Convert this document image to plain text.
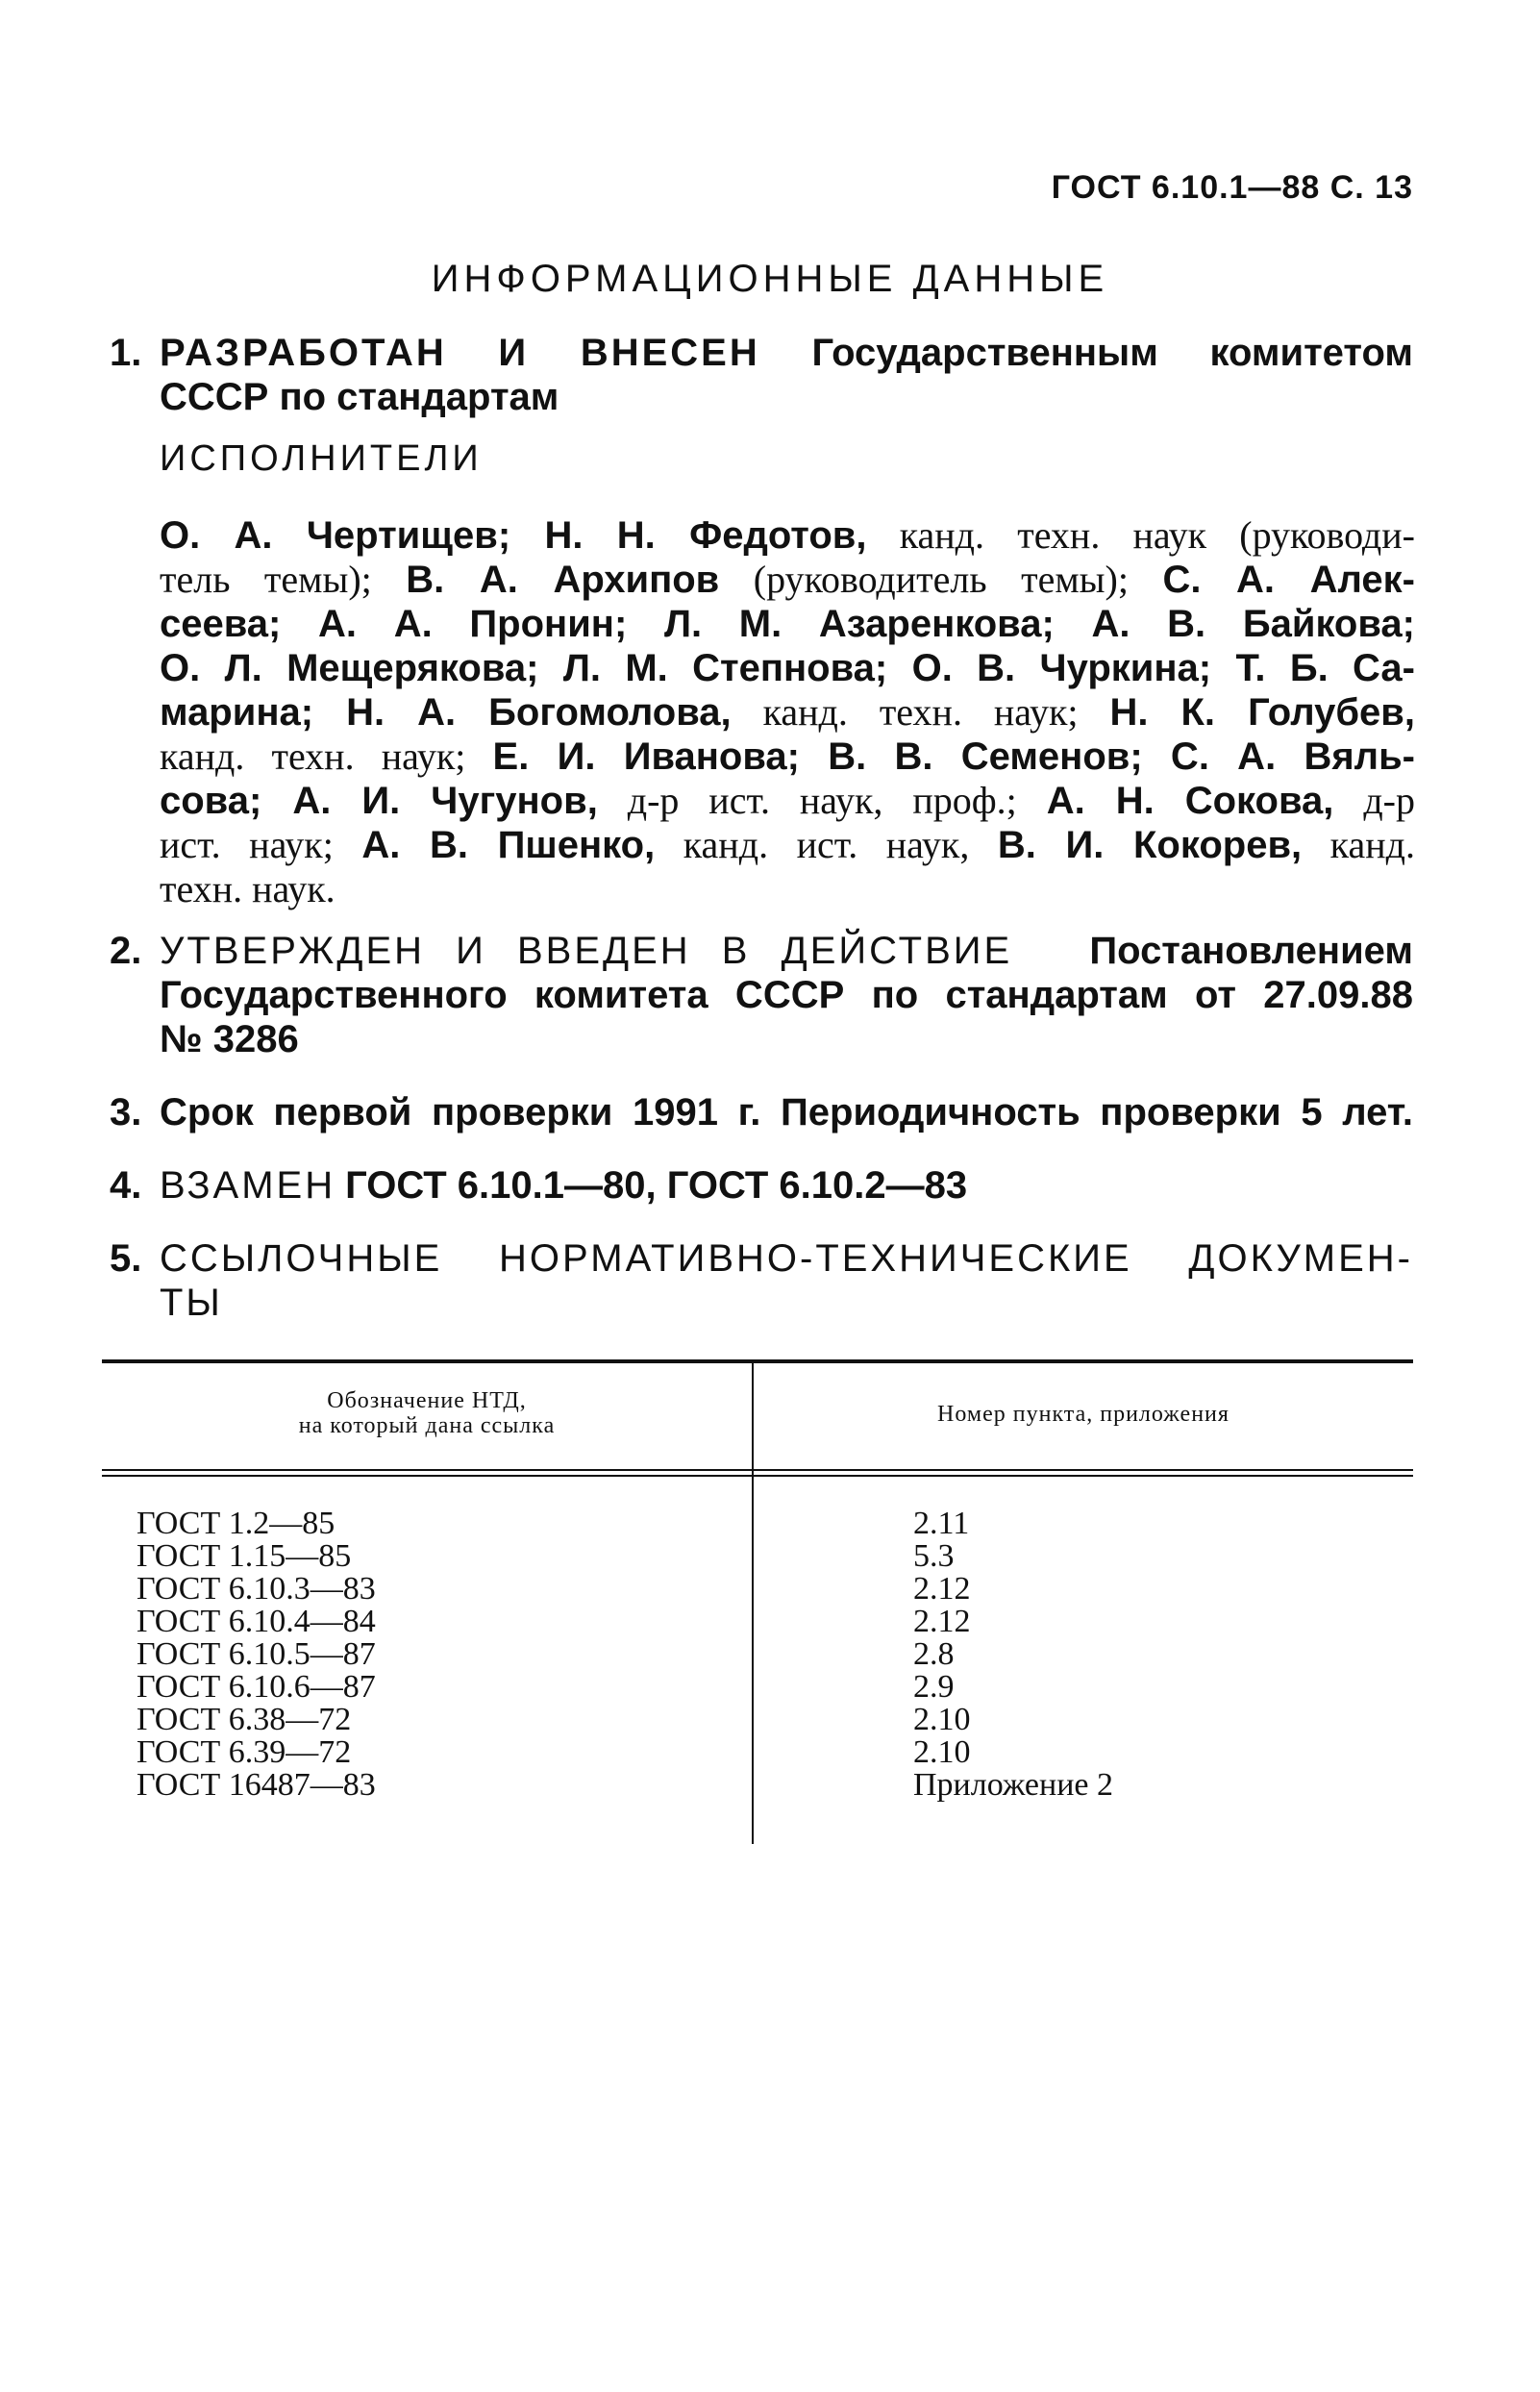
ГОСТ 6.10.1—88 С. 13
ИНФОРМАЦИОННЫЕ ДАННЫЕ
1. РАЗРАБОТАН И ВНЕСЕН Государственным комитетом
СССР по стандартам
ИСПОЛНИТЕЛИ
О. А. Чертищев; Н. Н. Федотов, канд. техн. наук (руководи-
тель темы); В. А. Архипов (руководитель темы); С. А. Алек-
сеева; А. А. Пронин; Л. М. Азаренкова; А. В. Байкова;
О. Л. Мещерякова; Л. М. Степнова; О. В. Чуркина; Т. Б. Са-
марина; Н. А. Богомолова, канд. техн. наук; Н. К. Голубев,
канд. техн. наук; Е. И. Иванова; В. В. Семенов; С. А. Вяль-
сова; А. И. Чугунов, д-р ист. наук, проф.; А. Н. Сокова, д-р
ист. наук; А. В. Пшенко, канд. ист. наук, В. И. Кокорев, канд.
техн. наук.
2. УТВЕРЖДЕН И ВВЕДЕН В ДЕЙСТВИЕ Постановлением
Государственного комитета СССР по стандартам от 27.09.88
№ 3286
3. Срок первой проверки 1991 г. Периодичность проверки 5 лет.
4. ВЗАМЕН ГОСТ 6.10.1—80, ГОСТ 6.10.2—83
5. ССЫЛОЧНЫЕ НОРМАТИВНО-ТЕХНИЧЕСКИЕ ДОКУМЕН-
ТЫ
Обозначение НТД,
на который дана ссылка	Номер пункта, приложения
ГОСТ 1.2—85
ГОСТ 1.15—85
ГОСТ 6.10.3—83
ГОСТ 6.10.4—84
ГОСТ 6.10.5—87
ГОСТ 6.10.6—87
ГОСТ 6.38—72
ГОСТ 6.39—72
ГОСТ 16487—83
2.11
5.3
2.12
2.12
2.8
2.9
2.10
2.10
Приложение 2
